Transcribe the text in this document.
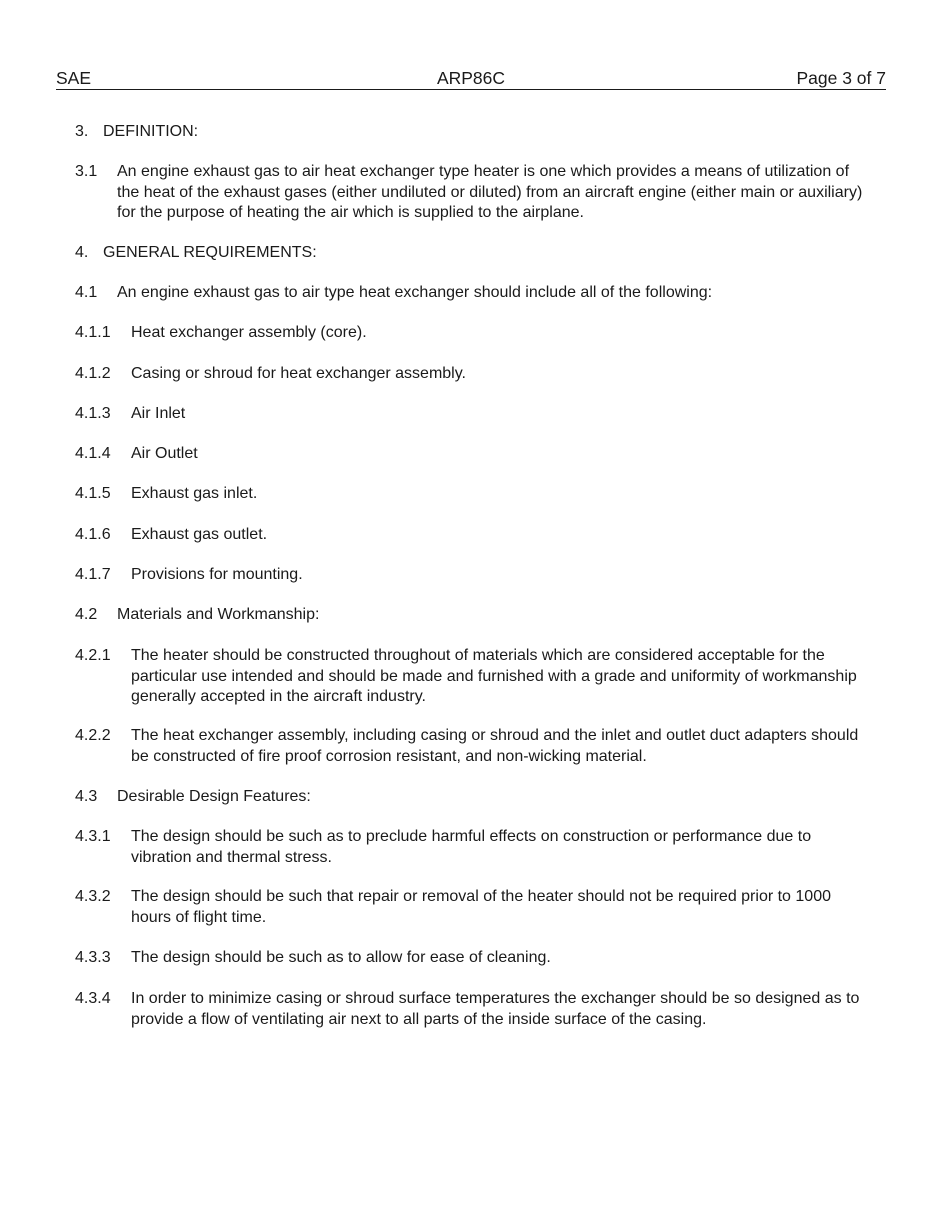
SAE	ARP86C	Page 3 of 7
3. DEFINITION:
3.1 An engine exhaust gas to air heat exchanger type heater is one which provides a means of utilization of the heat of the exhaust gases (either undiluted or diluted) from an aircraft engine (either main or auxiliary) for the purpose of heating the air which is supplied to the airplane.
4. GENERAL REQUIREMENTS:
4.1 An engine exhaust gas to air type heat exchanger should include all of the following:
4.1.1 Heat exchanger assembly (core).
4.1.2 Casing or shroud for heat exchanger assembly.
4.1.3 Air Inlet
4.1.4 Air Outlet
4.1.5 Exhaust gas inlet.
4.1.6 Exhaust gas outlet.
4.1.7 Provisions for mounting.
4.2 Materials and Workmanship:
4.2.1 The heater should be constructed throughout of materials which are considered acceptable for the particular use intended and should be made and furnished with a grade and uniformity of workmanship generally accepted in the aircraft industry.
4.2.2 The heat exchanger assembly, including casing or shroud and the inlet and outlet duct adapters should be constructed of fire proof corrosion resistant, and non-wicking material.
4.3 Desirable Design Features:
4.3.1 The design should be such as to preclude harmful effects on construction or performance due to vibration and thermal stress.
4.3.2 The design should be such that repair or removal of the heater should not be required prior to 1000 hours of flight time.
4.3.3 The design should be such as to allow for ease of cleaning.
4.3.4 In order to minimize casing or shroud surface temperatures the exchanger should be so designed as to provide a flow of ventilating air next to all parts of the inside surface of the casing.
